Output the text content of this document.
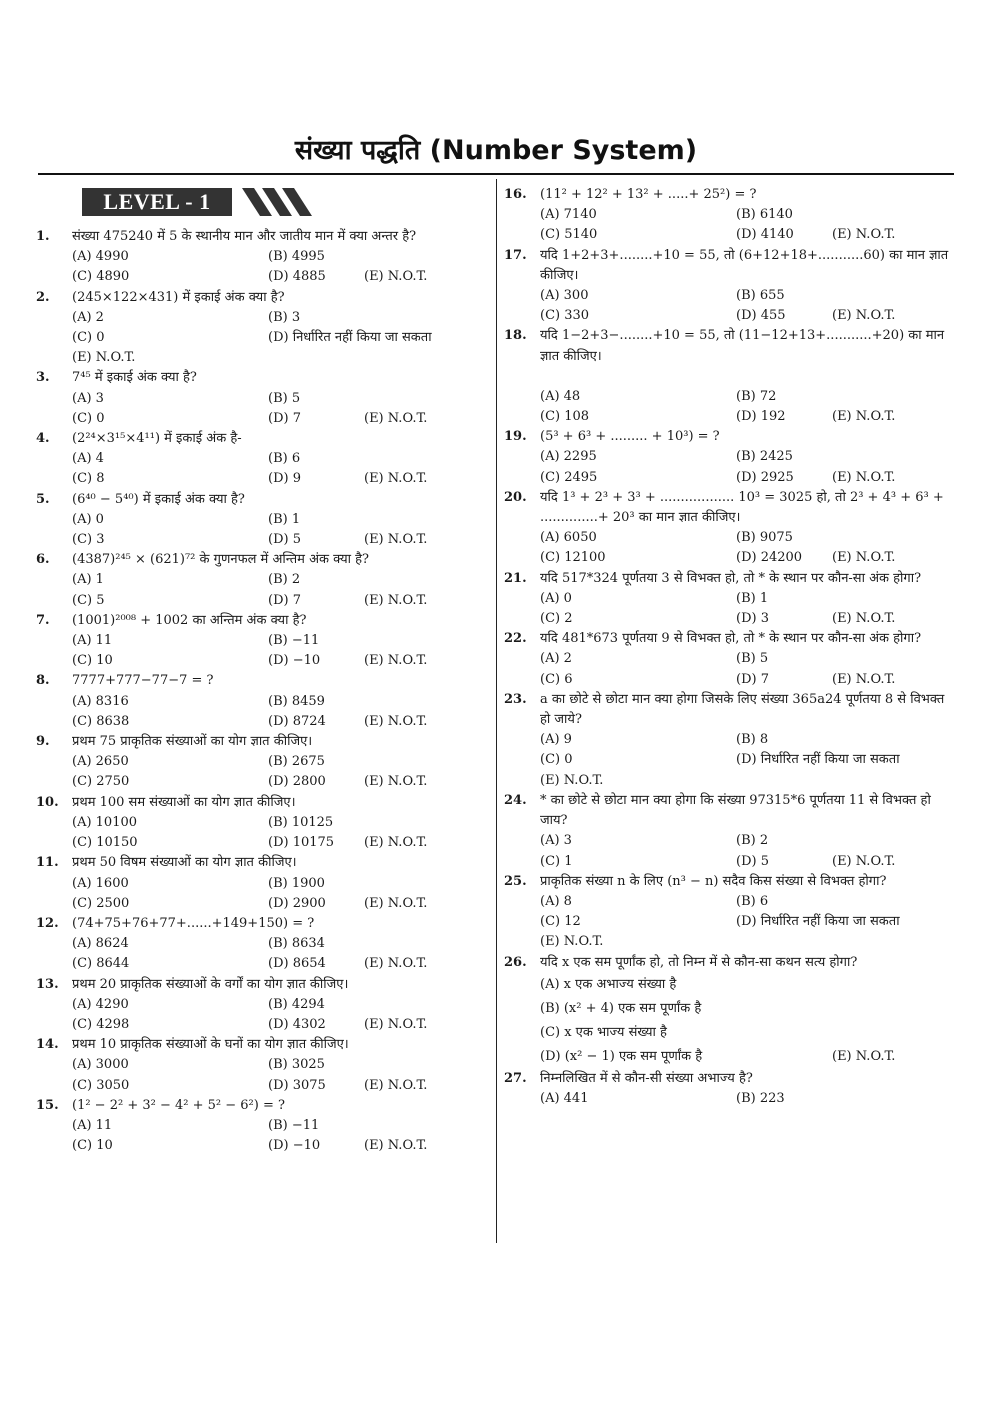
संख्या पद्धति (Number System)
LEVEL - 1
1.	संख्या 475240 में 5 के स्थानीय मान और जातीय मान में क्या अन्तर है?
(A) 4990	(B) 4995
(C) 4890	(D) 4885	(E) N.O.T.
2.	(245×122×431) में इकाई अंक क्या है?
(A) 2	(B) 3
(C) 0	(D) निर्धारित नहीं किया जा सकता
(E) N.O.T.
3.	7⁴⁵ में इकाई अंक क्या है?
(A) 3	(B) 5
(C) 0	(D) 7	(E) N.O.T.
4.	(2²⁴×3¹⁵×4¹¹) में इकाई अंक है-
(A) 4	(B) 6
(C) 8	(D) 9	(E) N.O.T.
5.	(6⁴⁰ − 5⁴⁰) में इकाई अंक क्या है?
(A) 0	(B) 1
(C) 3	(D) 5	(E) N.O.T.
6.	(4387)²⁴⁵ × (621)⁷² के गुणनफल में अन्तिम अंक क्या है?
(A) 1	(B) 2
(C) 5	(D) 7	(E) N.O.T.
7.	(1001)²⁰⁰⁸ + 1002 का अन्तिम अंक क्या है?
(A) 11	(B) −11
(C) 10	(D) −10	(E) N.O.T.
8.	7777+777−77−7 = ?
(A) 8316	(B) 8459
(C) 8638	(D) 8724	(E) N.O.T.
9.	प्रथम 75 प्राकृतिक संख्याओं का योग ज्ञात कीजिए।
(A) 2650	(B) 2675
(C) 2750	(D) 2800	(E) N.O.T.
10.	प्रथम 100 सम संख्याओं का योग ज्ञात कीजिए।
(A) 10100	(B) 10125
(C) 10150	(D) 10175	(E) N.O.T.
11.	प्रथम 50 विषम संख्याओं का योग ज्ञात कीजिए।
(A) 1600	(B) 1900
(C) 2500	(D) 2900	(E) N.O.T.
12.	(74+75+76+77+......+149+150) = ?
(A) 8624	(B) 8634
(C) 8644	(D) 8654	(E) N.O.T.
13.	प्रथम 20 प्राकृतिक संख्याओं के वर्गों का योग ज्ञात कीजिए।
(A) 4290	(B) 4294
(C) 4298	(D) 4302	(E) N.O.T.
14.	प्रथम 10 प्राकृतिक संख्याओं के घनों का योग ज्ञात कीजिए।
(A) 3000	(B) 3025
(C) 3050	(D) 3075	(E) N.O.T.
15.	(1² − 2² + 3² − 4² + 5² − 6²) = ?
(A) 11	(B) −11
(C) 10	(D) −10	(E) N.O.T.
16.	(11² + 12² + 13² + .....+ 25²) = ?
(A) 7140	(B) 6140
(C) 5140	(D) 4140	(E) N.O.T.
17.	यदि 1+2+3+........+10 = 55, तो (6+12+18+...........60) का मान ज्ञात कीजिए।
(A) 300	(B) 655
(C) 330	(D) 455	(E) N.O.T.
18.	यदि 1−2+3−........+10 = 55, तो (11−12+13+...........+20) का मान ज्ञात कीजिए।
(A) 48	(B) 72
(C) 108	(D) 192	(E) N.O.T.
19.	(5³ + 6³ + ......... + 10³) = ?
(A) 2295	(B) 2425
(C) 2495	(D) 2925	(E) N.O.T.
20.	यदि 1³ + 2³ + 3³ + .................. 10³ = 3025 हो, तो 2³ + 4³ + 6³ + ..............+ 20³ का मान ज्ञात कीजिए।
(A) 6050	(B) 9075
(C) 12100	(D) 24200	(E) N.O.T.
21.	यदि 517*324 पूर्णतया 3 से विभक्त हो, तो * के स्थान पर कौन-सा अंक होगा?
(A) 0	(B) 1
(C) 2	(D) 3	(E) N.O.T.
22.	यदि 481*673 पूर्णतया 9 से विभक्त हो, तो * के स्थान पर कौन-सा अंक होगा?
(A) 2	(B) 5
(C) 6	(D) 7	(E) N.O.T.
23.	a का छोटे से छोटा मान क्या होगा जिसके लिए संख्या 365a24 पूर्णतया 8 से विभक्त हो जाये?
(A) 9	(B) 8
(C) 0	(D) निर्धारित नहीं किया जा सकता
(E) N.O.T.
24.	* का छोटे से छोटा मान क्या होगा कि संख्या 97315*6 पूर्णतया 11 से विभक्त हो जाय?
(A) 3	(B) 2
(C) 1	(D) 5	(E) N.O.T.
25.	प्राकृतिक संख्या n के लिए (n³ − n) सदैव किस संख्या से विभक्त होगा?
(A) 8	(B) 6
(C) 12	(D) निर्धारित नहीं किया जा सकता
(E) N.O.T.
26.	यदि x एक सम पूर्णांक हो, तो निम्न में से कौन-सा कथन सत्य होगा?
(A) x एक अभाज्य संख्या है
(B) (x² + 4) एक सम पूर्णांक है
(C) x एक भाज्य संख्या है
(D) (x² − 1) एक सम पूर्णांक है	(E) N.O.T.
27.	निम्नलिखित में से कौन-सी संख्या अभाज्य है?
(A) 441	(B) 223
